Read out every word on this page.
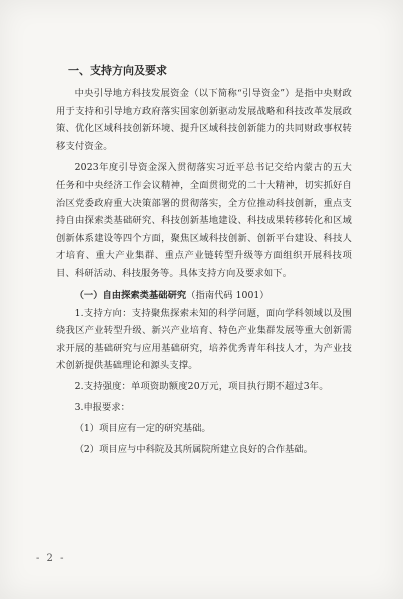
一、支持方向及要求

中央引导地方科技发展资金（以下简称“引导资金”）是指中央财政用于支持和引导地方政府落实国家创新驱动发展战略和科技改革发展政策、优化区域科技创新环境、提升区域科技创新能力的共同财政事权转移支付资金。

2023年度引导资金深入贯彻落实习近平总书记交给内蒙古的五大任务和中央经济工作会议精神，全面贯彻党的二十大精神，切实抓好自治区党委政府重大决策部署的贯彻落实，全方位推动科技创新，重点支持自由探索类基础研究、科技创新基地建设、科技成果转移转化和区域创新体系建设等四个方面，聚焦区域科技创新、创新平台建设、科技人才培育、重大产业集群、重点产业链转型升级等方面组织开展科技项目、科研活动、科技服务等。具体支持方向及要求如下。

（一）自由探索类基础研究（指南代码 1001）

1.支持方向：支持聚焦探索未知的科学问题，面向学科领域以及围绕我区产业转型升级、新兴产业培育、特色产业集群发展等重大创新需求开展的基础研究与应用基础研究，培养优秀青年科技人才，为产业技术创新提供基础理论和源头支撑。

2.支持强度：单项资助额度20万元，项目执行期不超过3年。

3.申报要求：
（1）项目应有一定的研究基础。
（2）项目应与中科院及其所属院所建立良好的合作基础。
- 2 -
